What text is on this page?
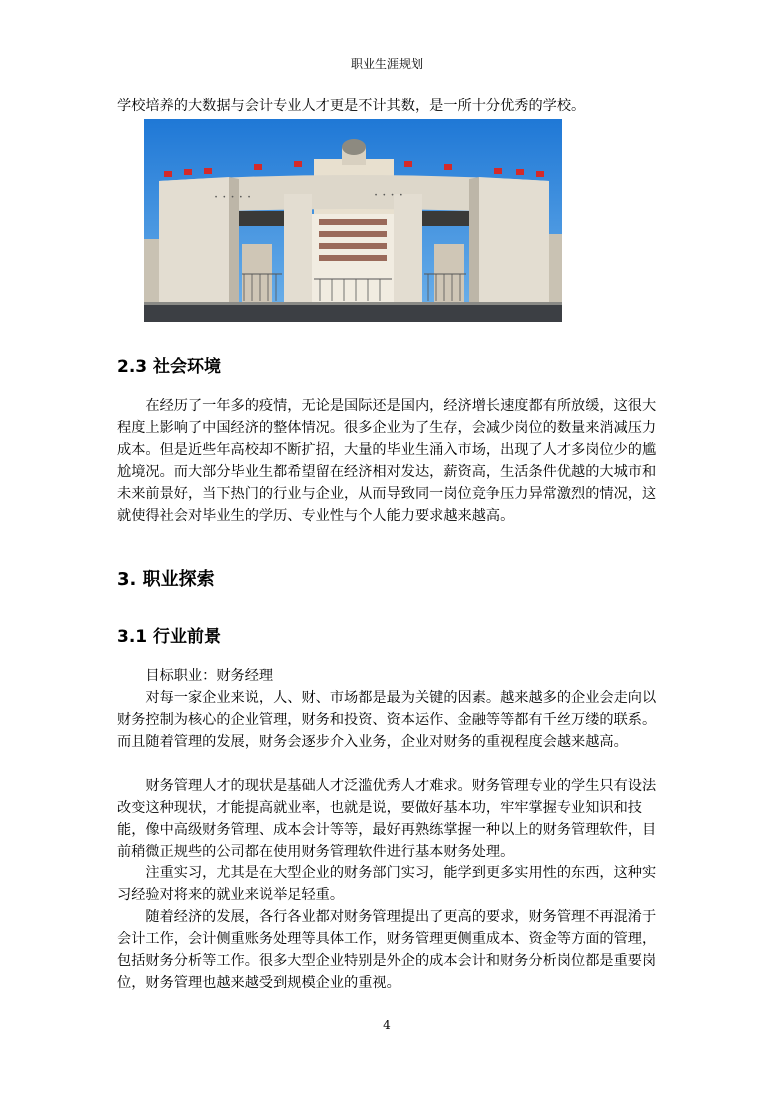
职业生涯规划

学校培养的大数据与会计专业人才更是不计其数，是一所十分优秀的学校。

· · · · ·	· · · ·
2.3 社会环境

在经历了一年多的疫情，无论是国际还是国内，经济增长速度都有所放缓，这很大程度上影响了中国经济的整体情况。很多企业为了生存，会减少岗位的数量来消减压力成本。但是近些年高校却不断扩招，大量的毕业生涌入市场，出现了人才多岗位少的尴尬境况。而大部分毕业生都希望留在经济相对发达，薪资高，生活条件优越的大城市和未来前景好，当下热门的行业与企业，从而导致同一岗位竞争压力异常激烈的情况，这就使得社会对毕业生的学历、专业性与个人能力要求越来越高。

3. 职业探索
3.1 行业前景

目标职业：财务经理

对每一家企业来说，人、财、市场都是最为关键的因素。越来越多的企业会走向以财务控制为核心的企业管理，财务和投资、资本运作、金融等等都有千丝万缕的联系。而且随着管理的发展，财务会逐步介入业务，企业对财务的重视程度会越来越高。

财务管理人才的现状是基础人才泛滥优秀人才难求。财务管理专业的学生只有设法改变这种现状，才能提高就业率，也就是说，要做好基本功，牢牢掌握专业知识和技能，像中高级财务管理、成本会计等等，最好再熟练掌握一种以上的财务管理软件，目前稍微正规些的公司都在使用财务管理软件进行基本财务处理。

注重实习，尤其是在大型企业的财务部门实习，能学到更多实用性的东西，这种实习经验对将来的就业来说举足轻重。

随着经济的发展，各行各业都对财务管理提出了更高的要求，财务管理不再混淆于会计工作，会计侧重账务处理等具体工作，财务管理更侧重成本、资金等方面的管理，包括财务分析等工作。很多大型企业特别是外企的成本会计和财务分析岗位都是重要岗位，财务管理也越来越受到规模企业的重视。

4
